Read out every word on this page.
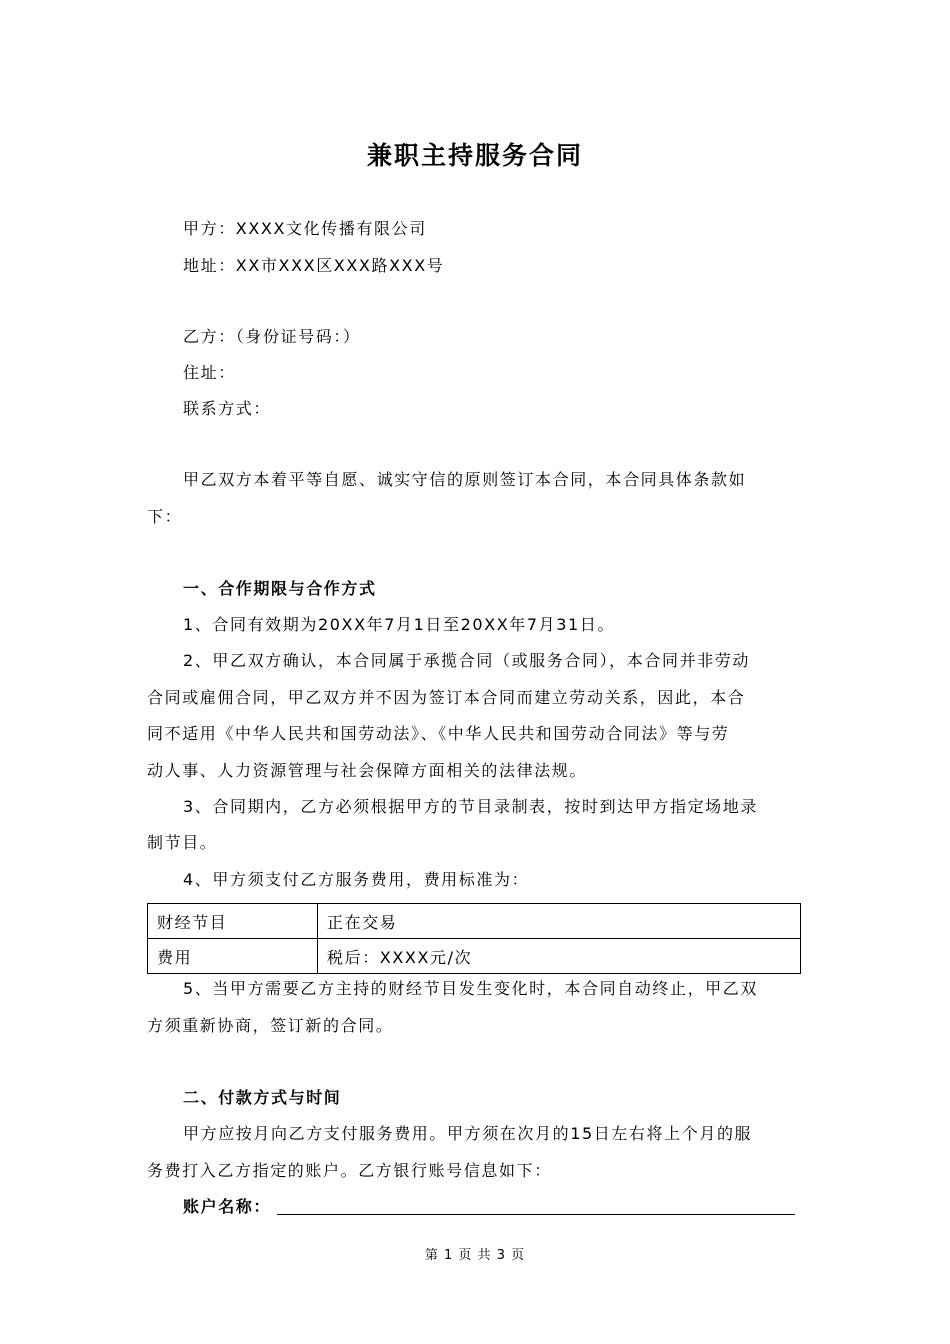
兼职主持服务合同
甲方：XXXX文化传播有限公司
地址：XX市XXX区XXX路XXX号
乙方：（身份证号码：）
住址：
联系方式：
甲乙双方本着平等自愿、诚实守信的原则签订本合同，本合同具体条款如
下：
一、合作期限与合作方式
1、合同有效期为20XX年7月1日至20XX年7月31日。
2、甲乙双方确认，本合同属于承揽合同（或服务合同），本合同并非劳动
合同或雇佣合同，甲乙双方并不因为签订本合同而建立劳动关系，因此，本合
同不适用《中华人民共和国劳动法》、《中华人民共和国劳动合同法》等与劳
动人事、人力资源管理与社会保障方面相关的法律法规。
3、合同期内，乙方必须根据甲方的节目录制表，按时到达甲方指定场地录
制节目。
4、甲方须支付乙方服务费用，费用标准为：
财经节目	正在交易
费用	税后：XXXX元/次
5、当甲方需要乙方主持的财经节目发生变化时，本合同自动终止，甲乙双
方须重新协商，签订新的合同。
二、付款方式与时间
甲方应按月向乙方支付服务费用。甲方须在次月的15日左右将上个月的服
务费打入乙方指定的账户。乙方银行账号信息如下：
账户名称：
第 1 页 共 3 页
